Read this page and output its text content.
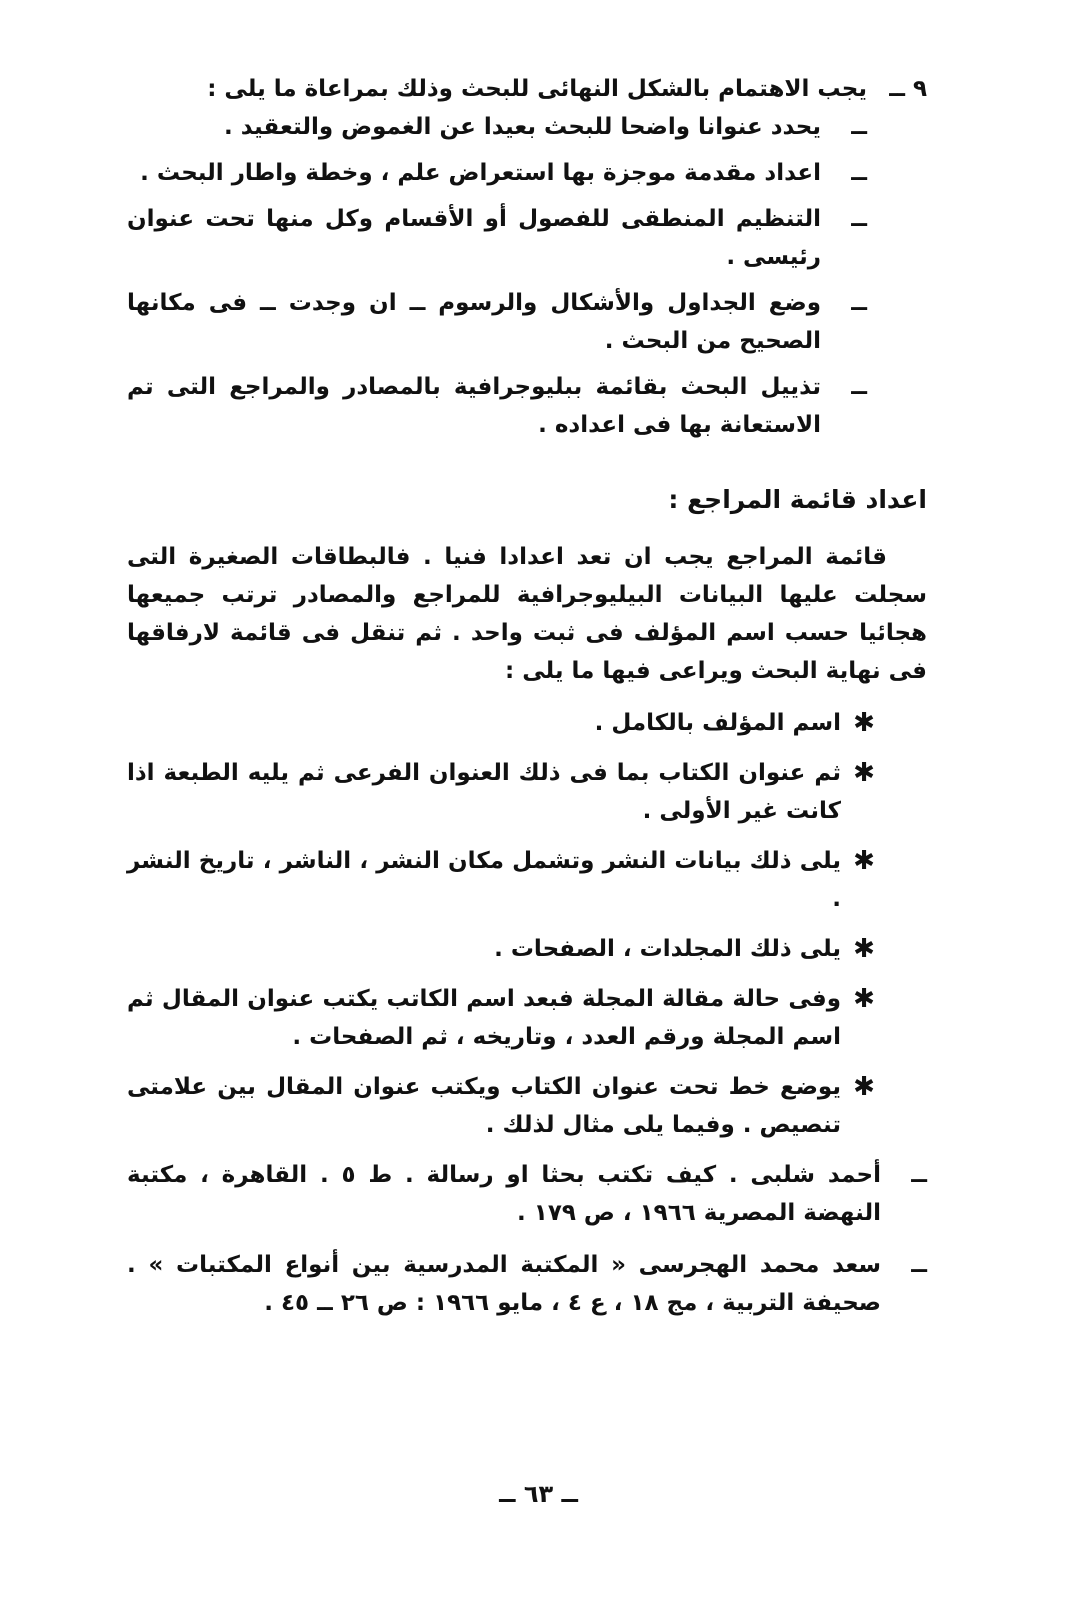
٩ ــ
يجب الاهتمام بالشكل النهائى للبحث وذلك بمراعاة ما يلى :
ــ
يحدد عنوانا واضحا للبحث بعيدا عن الغموض والتعقيد .
ــ
اعداد مقدمة موجزة بها استعراض علم ، وخطة واطار البحث .
ــ
التنظيم المنطقى للفصول أو الأقسام وكل منها تحت عنوان رئيسى .
ــ
وضع الجداول والأشكال والرسوم ــ ان وجدت ــ فى مكانها الصحيح من البحث .
ــ
تذييل البحث بقائمة ببليوجرافية بالمصادر والمراجع التى تم الاستعانة بها فى اعداده .
اعداد قائمة المراجع :

قائمة المراجع يجب ان تعد اعدادا فنيا . فالبطاقات الصغيرة التى سجلت عليها البيانات البيليوجرافية للمراجع والمصادر ترتب جميعها هجائيا حسب اسم المؤلف فى ثبت واحد . ثم تنقل فى قائمة لارفاقها فى نهاية البحث ويراعى فيها ما يلى :

✱
اسم المؤلف بالكامل .
✱
ثم عنوان الكتاب بما فى ذلك العنوان الفرعى ثم يليه الطبعة اذا كانت غير الأولى .
✱
يلى ذلك بيانات النشر وتشمل مكان النشر ، الناشر ، تاريخ النشر .
✱
يلى ذلك المجلدات ، الصفحات .
✱
وفى حالة مقالة المجلة فبعد اسم الكاتب يكتب عنوان المقال ثم اسم المجلة ورقم العدد ، وتاريخه ، ثم الصفحات .
✱
يوضع خط تحت عنوان الكتاب ويكتب عنوان المقال بين علامتى تنصيص . وفيما يلى مثال لذلك .
ــ
أحمد شلبى . كيف تكتب بحثا او رسالة . ط ٥ . القاهرة ، مكتبة النهضة المصرية ١٩٦٦ ، ص ١٧٩ .
ــ
سعد محمد الهجرسى « المكتبة المدرسية بين أنواع المكتبات » . صحيفة التربية ، مج ١٨ ، ع ٤ ، مايو ١٩٦٦ : ص ٢٦ ــ ٤٥ .
ــ ٦٣ ــ
